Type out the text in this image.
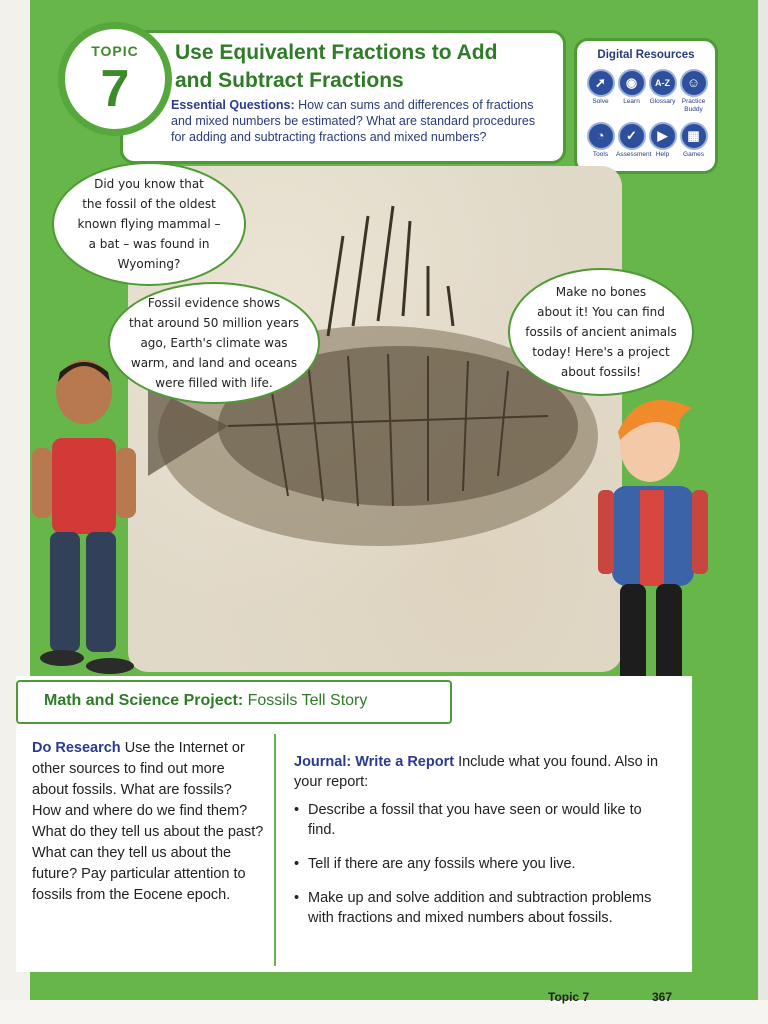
Use Equivalent Fractions to Add
and Subtract Fractions
Essential Questions: How can sums and differences of fractions and mixed numbers be estimated? What are standard procedures for adding and subtracting fractions and mixed numbers?
TOPIC
7
Digital Resources
➚
Solve
◉
Learn
A-Z
Glossary
☺
Practice Buddy
◔
Tools
✓
Assessment
▶
Help
▦
Games
Did you know that
the fossil of the oldest
known flying mammal –
a bat – was found in
Wyoming?
Fossil evidence shows
that around 50 million years
ago, Earth's climate was
warm, and land and oceans
were filled with life.
Make no bones
about it! You can find
fossils of ancient animals
today! Here's a project
about fossils!
Math and Science Project: Fossils Tell Story
Do Research Use the Internet or other sources to find out more about fossils. What are fossils? How and where do we find them? What do they tell us about the past? What can they tell us about the future? Pay particular attention to fossils from the Eocene epoch.
Journal: Write a Report Include what you found. Also in your report:
• Describe a fossil that you have seen or would like to find.
• Tell if there are any fossils where you live.
• Make up and solve addition and subtraction problems with fractions and mixed numbers about fossils.
Topic 7	367
